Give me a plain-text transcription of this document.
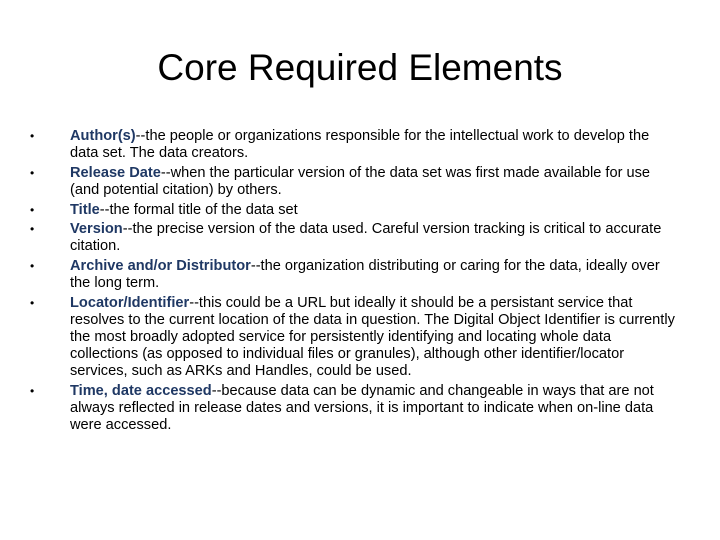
Core Required Elements
•	Author(s)--the people or organizations responsible for the intellectual work to develop the data set. The data creators.
•	Release Date--when the particular version of the data set was first made available for use (and potential citation) by others.
•	Title--the formal title of the data set
•	Version--the precise version of the data used. Careful version tracking is critical to accurate citation.
•	Archive and/or Distributor--the organization distributing or caring for the data, ideally over the long term.
•	Locator/Identifier--this could be a URL but ideally it should be a persistant service that resolves to the current location of the data in question. The Digital Object Identifier is currently the most broadly adopted service for persistently identifying and locating whole data collections (as opposed to individual files or granules), although other identifier/locator services, such as ARKs and Handles, could be used.
•	Time, date accessed--because data can be dynamic and changeable in ways that are not always reflected in release dates and versions, it is important to indicate when on-line data were accessed.
